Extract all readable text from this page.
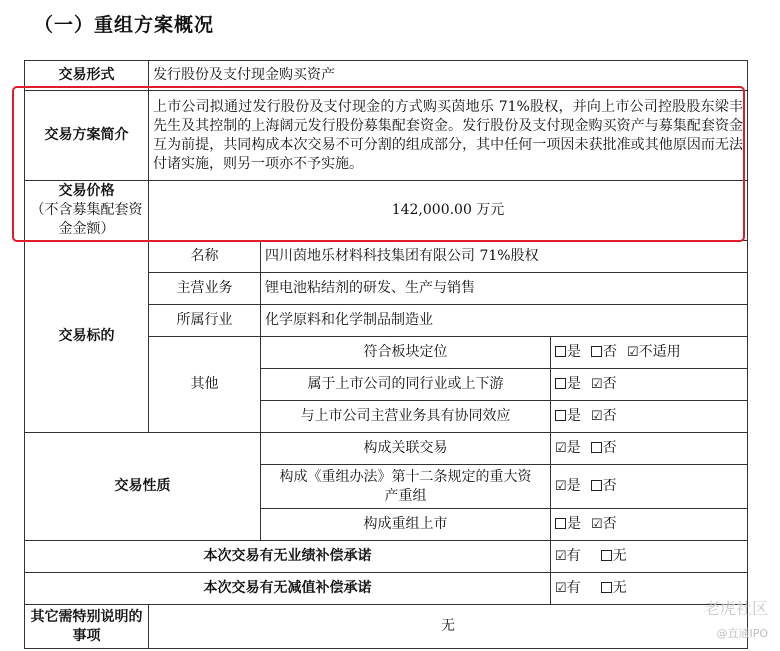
（一）重组方案概况
交易形式	发行股份及支付现金购买资产		
交易方案简介	上市公司拟通过发行股份及支付现金的方式购买茵地乐 71%股权，并向上市公司控股股东梁丰先生及其控制的上海阔元发行股份募集配套资金。发行股份及支付现金购买资产与募集配套资金互为前提，共同构成本次交易不可分割的组成部分，其中任何一项因未获批准或其他原因而无法付诸实施，则另一项亦不予实施。		

交易价格
（不含募集配套资金金额）	142,000.00 万元		
交易标的	名称	四川茵地乐材料科技集团有限公司 71%股权	
	主营业务	锂电池粘结剂的研发、生产与销售	
	所属行业	化学原料和化学制品制造业	
	其他	符合板块定位	是 否 ☑不适用
		属于上市公司的同行业或上下游	是 ☑否
		与上市公司主营业务具有协同效应	是 ☑否
交易性质		构成关联交易	☑是 否
		构成《重组办法》第十二条规定的重大资产重组	☑是 否
		构成重组上市	是 ☑否
本次交易有无业绩补偿承诺			☑有 无
本次交易有无减值补偿承诺			☑有 无
其它需特别说明的事项	无		
老虎社区
@直通IPO
